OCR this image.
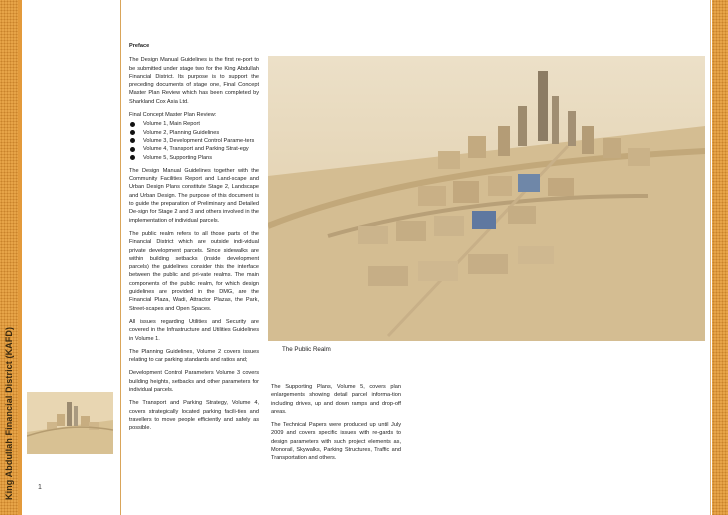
King Abdullah Financial District (KAFD)	1

Preface

The Design Manual Guidelines is the first re-port to be submitted under stage two for the King Abdullah Financial District. Its purpose is to support the preceding documents of stage one, Final Concept Master Plan Review which has been completed by Sharkland Cox Asia Ltd.

Final Concept Master Plan Review:

Volume 1, Main Report
Volume 2, Planning Guidelines
Volume 3, Development Control Parame-ters
Volume 4, Transport and Parking Strat-egy
Volume 5, Supporting Plans

The Design Manual Guidelines together with the Community Facilities Report and Land-scape and Urban Design Plans constitute Stage 2, Landscape and Urban Design. The purpose of this document is to guide the preparation of Preliminary and Detailed De-sign for Stage 2 and 3 and others involved in the implementation of individual parcels.

The public realm refers to all those parts of the Financial District which are outside indi-vidual private development parcels. Since sidewalks are within building setbacks (inside development parcels) the guidelines consider this the interface between the public and pri-vate realms. The main components of the public realm, for which design guidelines are provided in the DMG, are the Financial Plaza, Wadi, Attractor Plazas, the Park, Street-scapes and Open Spaces.

All issues regarding Utilities and Security are covered in the Infrastructure and Utilities Guidelines in Volume 1.

The Planning Guidelines, Volume 2 covers issues relating to car parking standards and ratios and;

Development Control Parameters Volume 3 covers building heights, setbacks and other parameters for individual parcels.

The Transport and Parking Strategy, Volume 4, covers strategically located parking facili-ties and travellers to move people efficiently and safely as possible.

The Public Realm

The Supporting Plans, Volume 5, covers plan enlargements showing detail parcel informa-tion including drives, up and down ramps and drop-off areas.

The Technical Papers were produced up until July 2009 and covers specific issues with re-gards to design parameters with such project elements as, Monorail, Skywalks, Parking Structures, Traffic and Transportation and others.
